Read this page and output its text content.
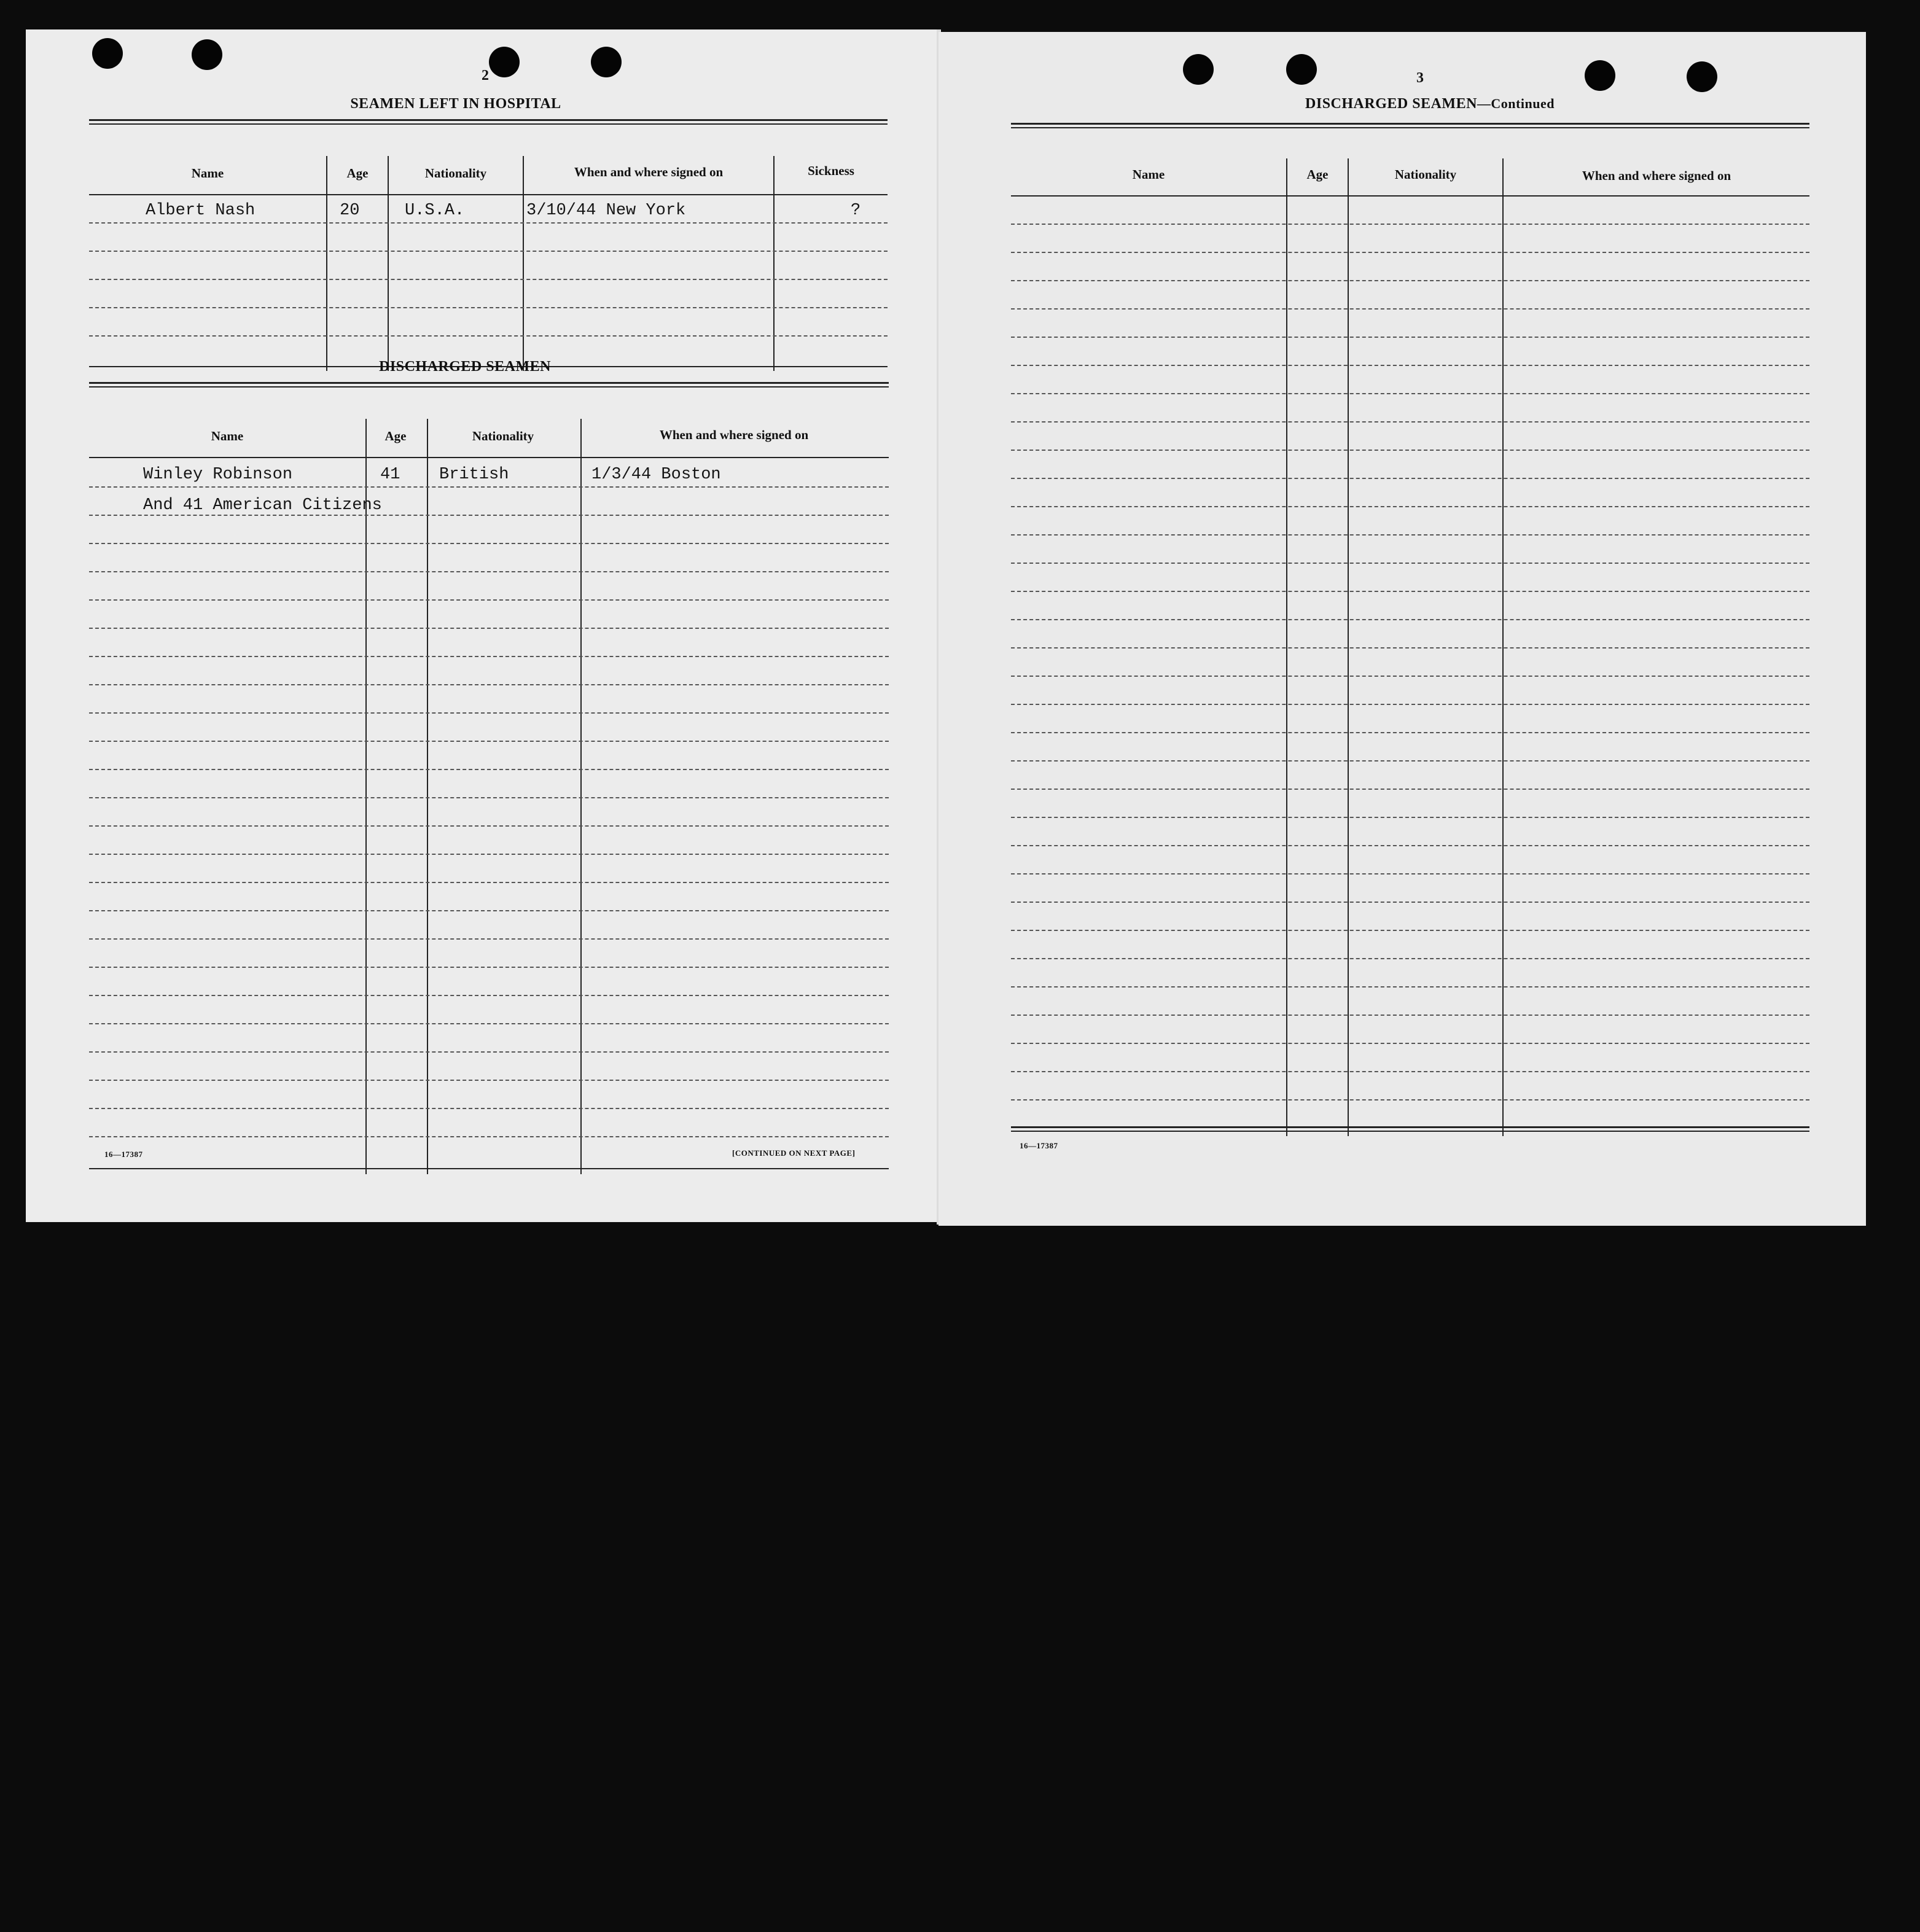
2
SEAMEN LEFT IN HOSPITAL
Name	Age	Nationality	When and where signed on	Sickness
Albert Nash	20	U.S.A.	3/10/44 New York	?
DISCHARGED SEAMEN
Name	Age	Nationality	When and where signed on
Winley Robinson	41 British	1/3/44 Boston
And 41 American Citizens
16—17387	[CONTINUED ON NEXT PAGE]
3
DISCHARGED SEAMEN—Continued
Name	Age	Nationality	When and where signed on
16—17387
